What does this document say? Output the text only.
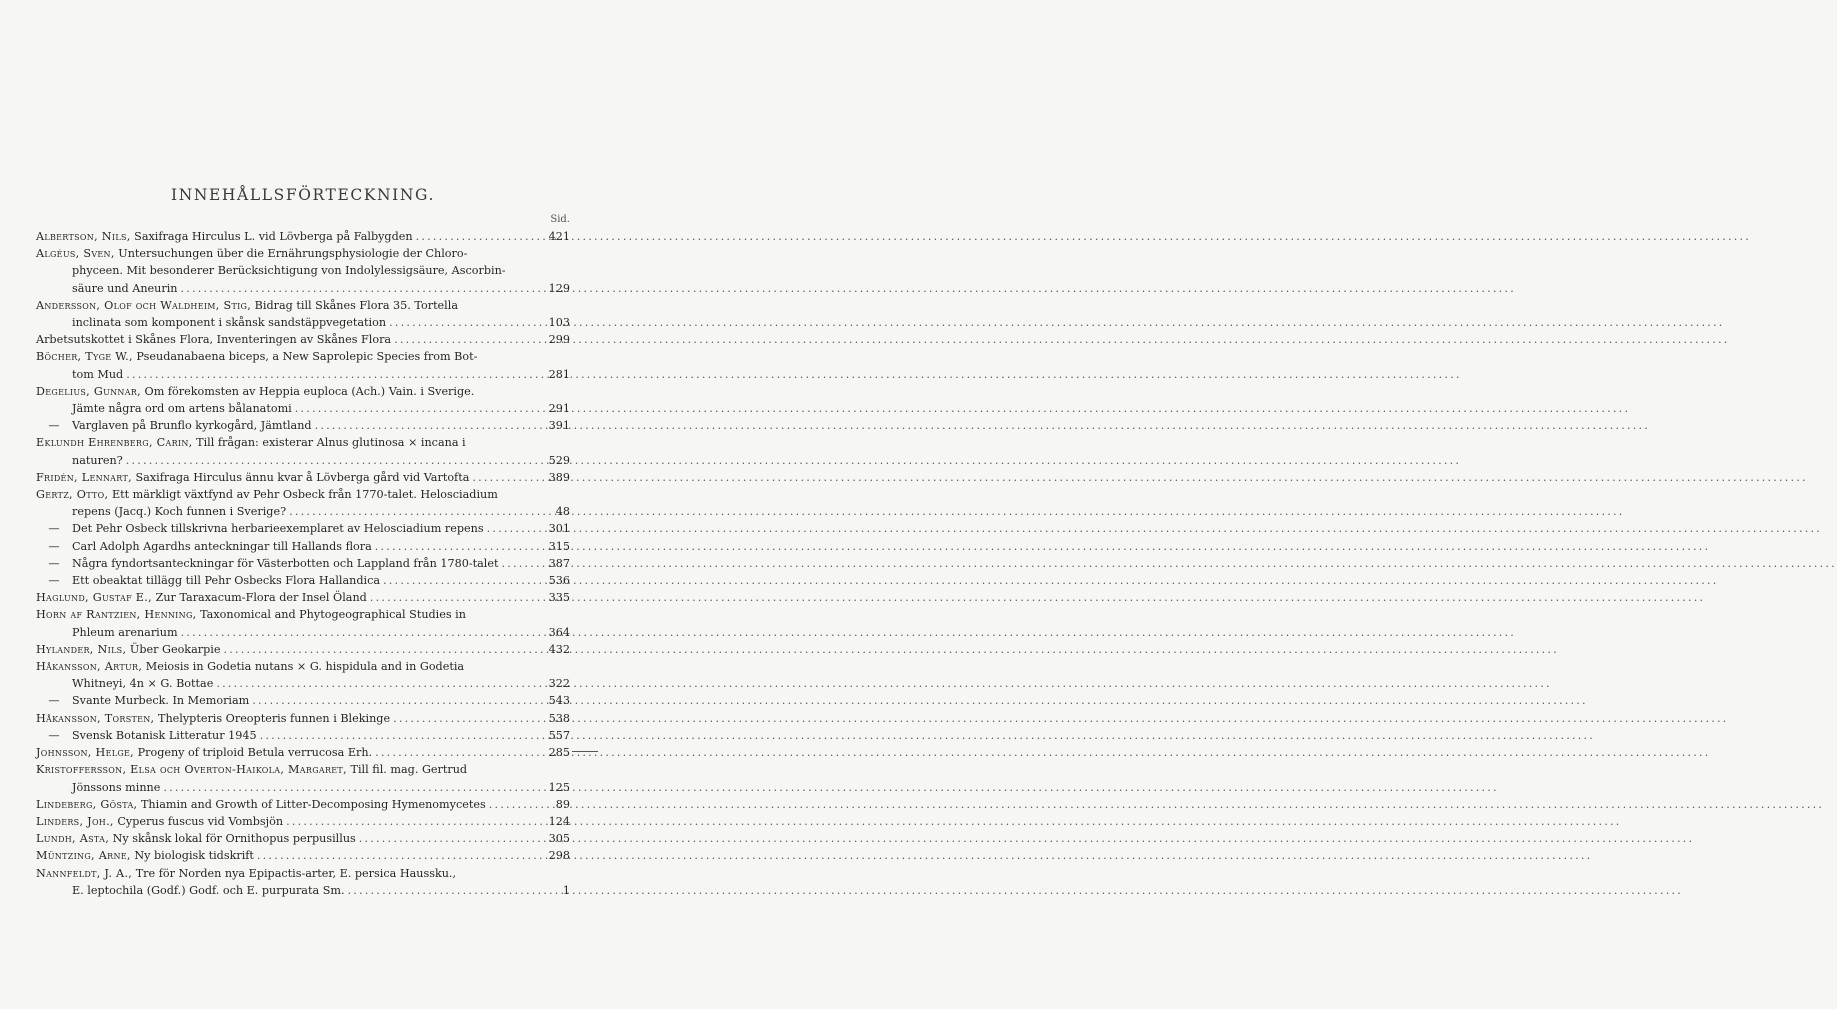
INNEHÅLLSFÖRTECKNING.
Sid.
Albertson, Nils, Saxifraga Hirculus L. vid Lövberga på Falbygden .....	421
Algéus, Sven, Untersuchungen über die Ernährungsphysiologie der Chloro-
phyceen. Mit besonderer Berücksichtigung von Indolylessigsäure, Ascorbin-
säure und Aneurin .....	129
Andersson, Olof och Waldheim, Stig, Bidrag till Skånes Flora 35. Tortella
inclinata som komponent i skånsk sandstäppvegetation .....	103
Arbetsutskottet i Skånes Flora, Inventeringen av Skånes Flora .....	299
Böcher, Tyge W., Pseudanabaena biceps, a New Saprolepic Species from Bot-
tom Mud .....	281
Degelius, Gunnar, Om förekomsten av Heppia euploca (Ach.) Vain. i Sverige.
Jämte några ord om artens bålanatomi .....	291
— Varglaven på Brunflo kyrkogård, Jämtland .....	391
Eklundh Ehrenberg, Carin, Till frågan: existerar Alnus glutinosa × incana i
naturen? .....	529
Fridén, Lennart, Saxifraga Hirculus ännu kvar å Lövberga gård vid Vartofta .....	389
Gertz, Otto, Ett märkligt växtfynd av Pehr Osbeck från 1770-talet. Helosciadium
repens (Jacq.) Koch funnen i Sverige? .....	48
— Det Pehr Osbeck tillskrivna herbarieexemplaret av Helosciadium repens .....	301
— Carl Adolph Agardhs anteckningar till Hallands flora .....	315
— Några fyndortsanteckningar för Västerbotten och Lappland från 1780-talet .....	387
— Ett obeaktat tillägg till Pehr Osbecks Flora Hallandica .....	536
Haglund, Gustaf E., Zur Taraxacum-Flora der Insel Öland .....	335
Horn af Rantzien, Henning, Taxonomical and Phytogeographical Studies in
Phleum arenarium .....	364
Hylander, Nils, Über Geokarpie .....	432
Håkansson, Artur, Meiosis in Godetia nutans × G. hispidula and in Godetia
Whitneyi, 4n × G. Bottae .....	322
— Svante Murbeck. In Memoriam .....	543
Håkansson, Torsten, Thelypteris Oreopteris funnen i Blekinge .....	538
— Svensk Botanisk Litteratur 1945 .....	557
Johnsson, Helge, Progeny of triploid Betula verrucosa Erh. .....	285
Kristoffersson, Elsa och Overton-Haikola, Margaret, Till fil. mag. Gertrud
Jönssons minne .....	125
Lindeberg, Gösta, Thiamin and Growth of Litter-Decomposing Hymenomycetes .....	89
Linders, Joh., Cyperus fuscus vid Vombsjön .....	124
Lundh, Asta, Ny skånsk lokal för Ornithopus perpusillus .....	305
Müntzing, Arne, Ny biologisk tidskrift .....	298
Nannfeldt, J. A., Tre för Norden nya Epipactis-arter, E. persica Haussku.,
E. leptochila (Godf.) Godf. och E. purpurata Sm. .....	1
